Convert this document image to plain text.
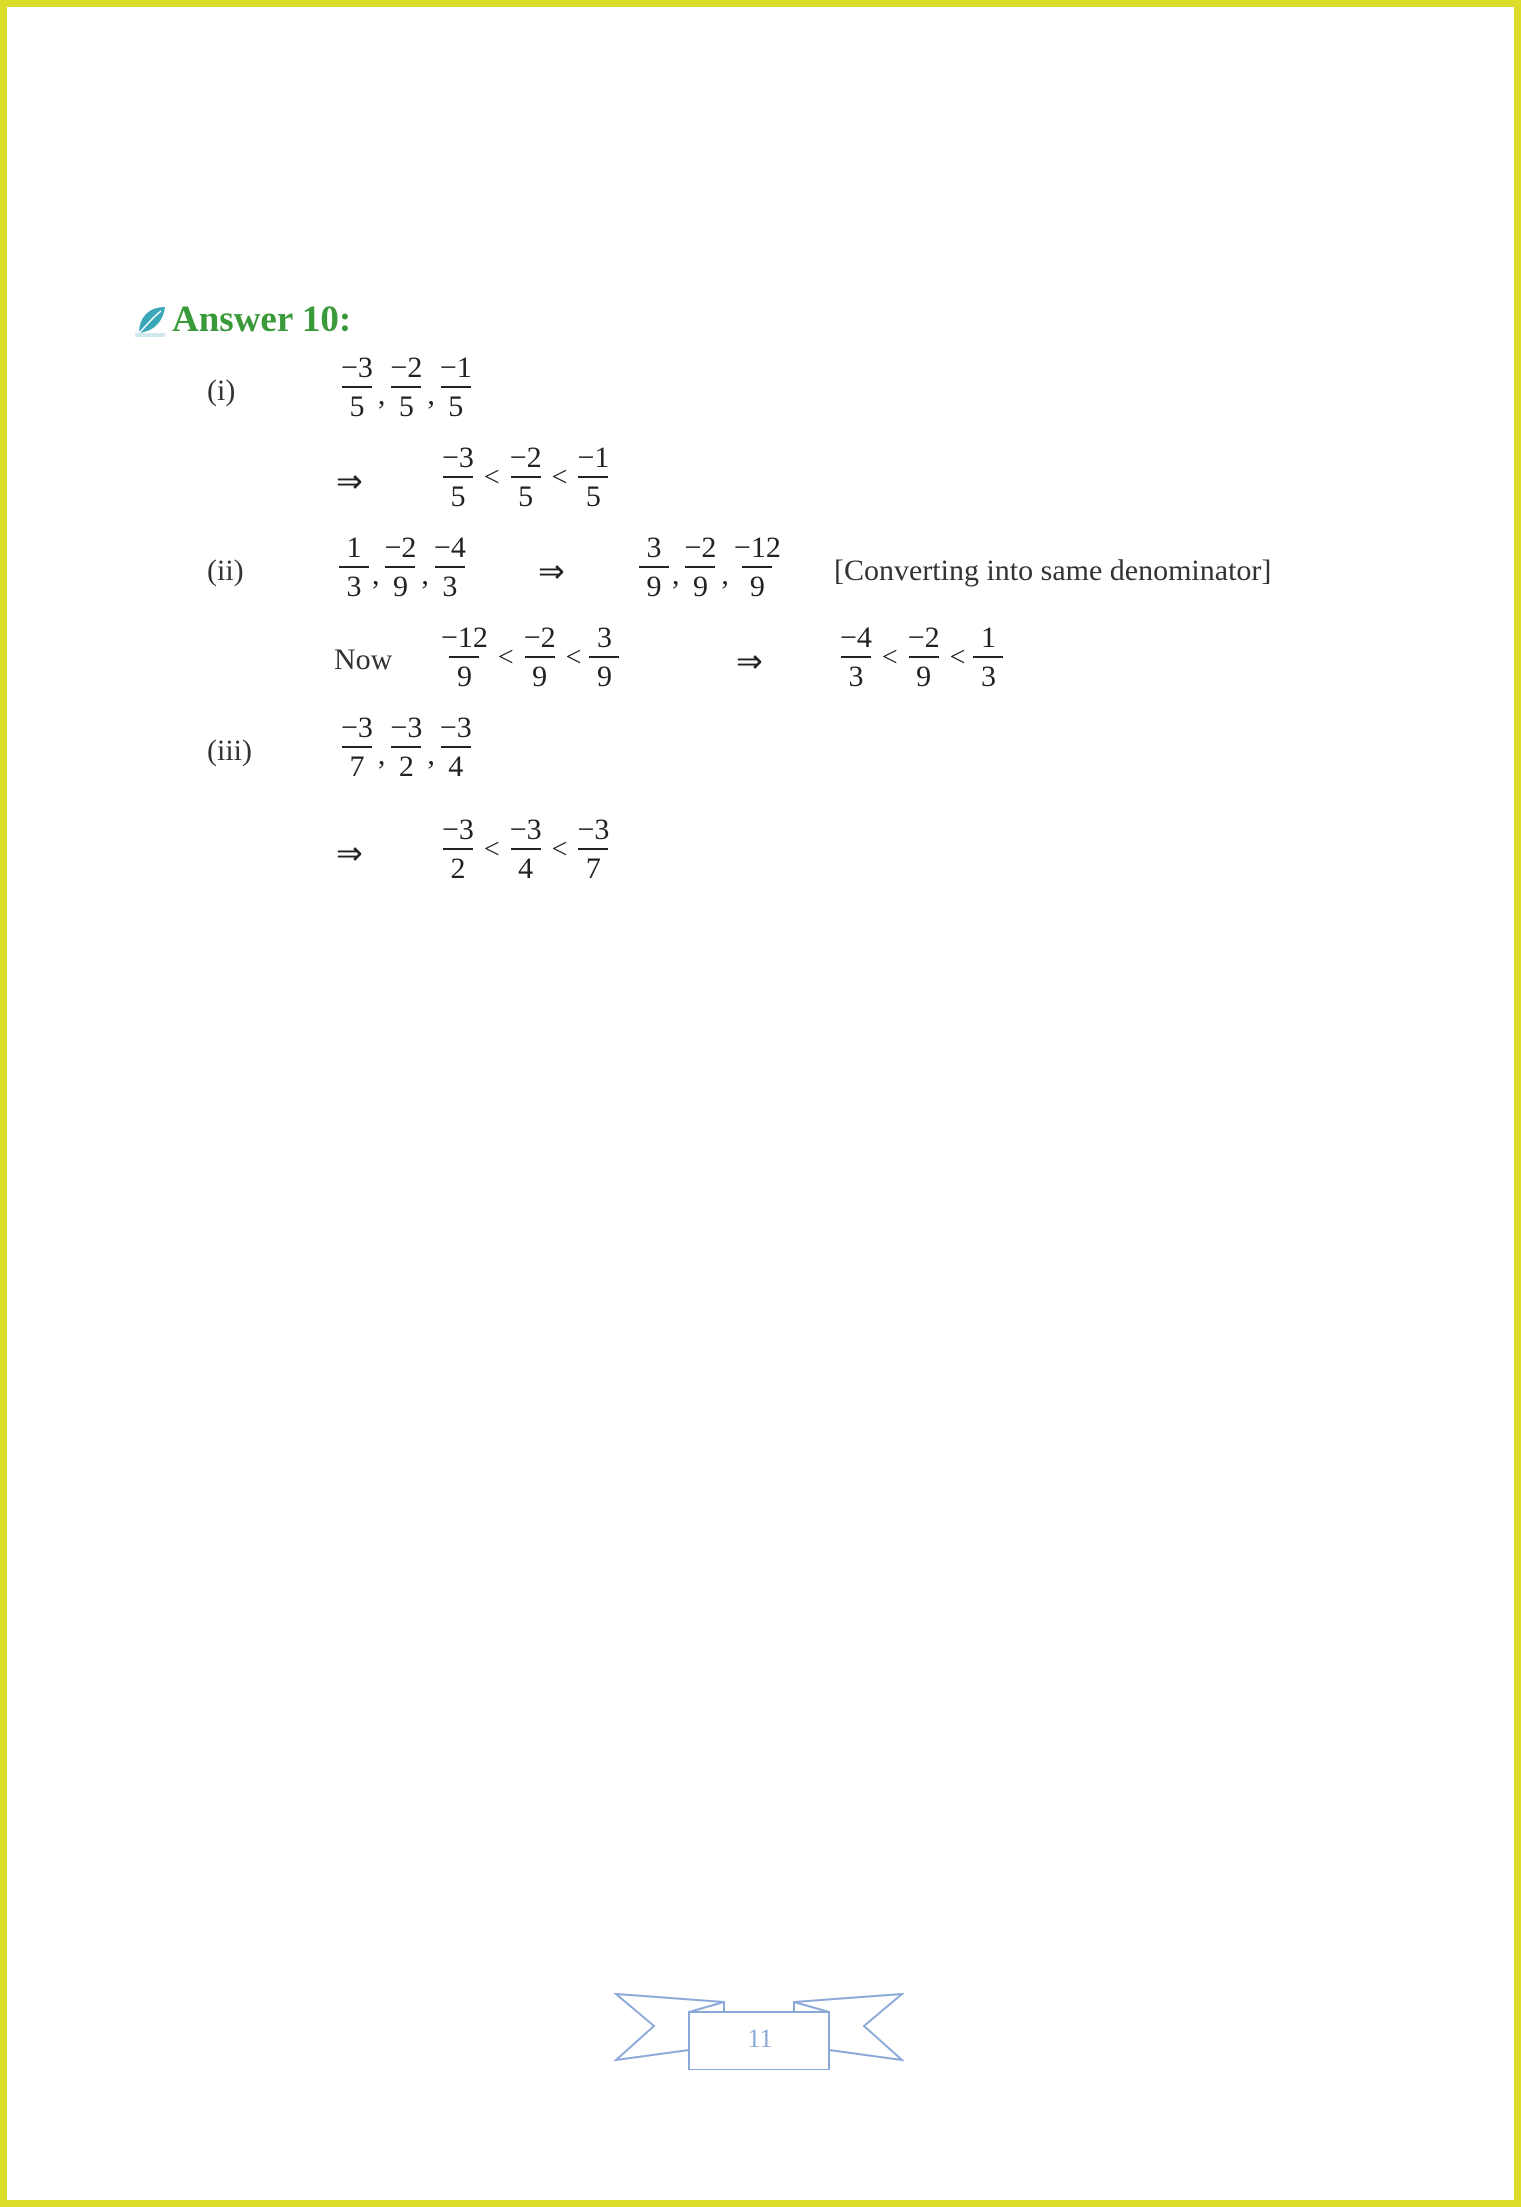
Answer 10:
(i)	$\frac{-3}{5}$ , $\frac{-2}{5}$ , $\frac{-1}{5}$
⇒	$\frac{-3}{5} < \frac{-2}{5} < \frac{-1}{5}$
(ii)	$\frac{1}{3}$ , $\frac{-2}{9}$ , $\frac{-4}{3}$ ⇒ $\frac{3}{9}$ , $\frac{-2}{9}$ , $\frac{-12}{9}$ [Converting into same denominator]
Now $\frac{-12}{9} < \frac{-2}{9} < \frac{3}{9}$	⇒	$\frac{-4}{3} < \frac{-2}{9} < \frac{1}{3}$
(iii)	$\frac{-3}{7}$ , $\frac{-3}{2}$ , $\frac{-3}{4}$
⇒	$\frac{-3}{2} < \frac{-3}{4} < \frac{-3}{7}$
11
